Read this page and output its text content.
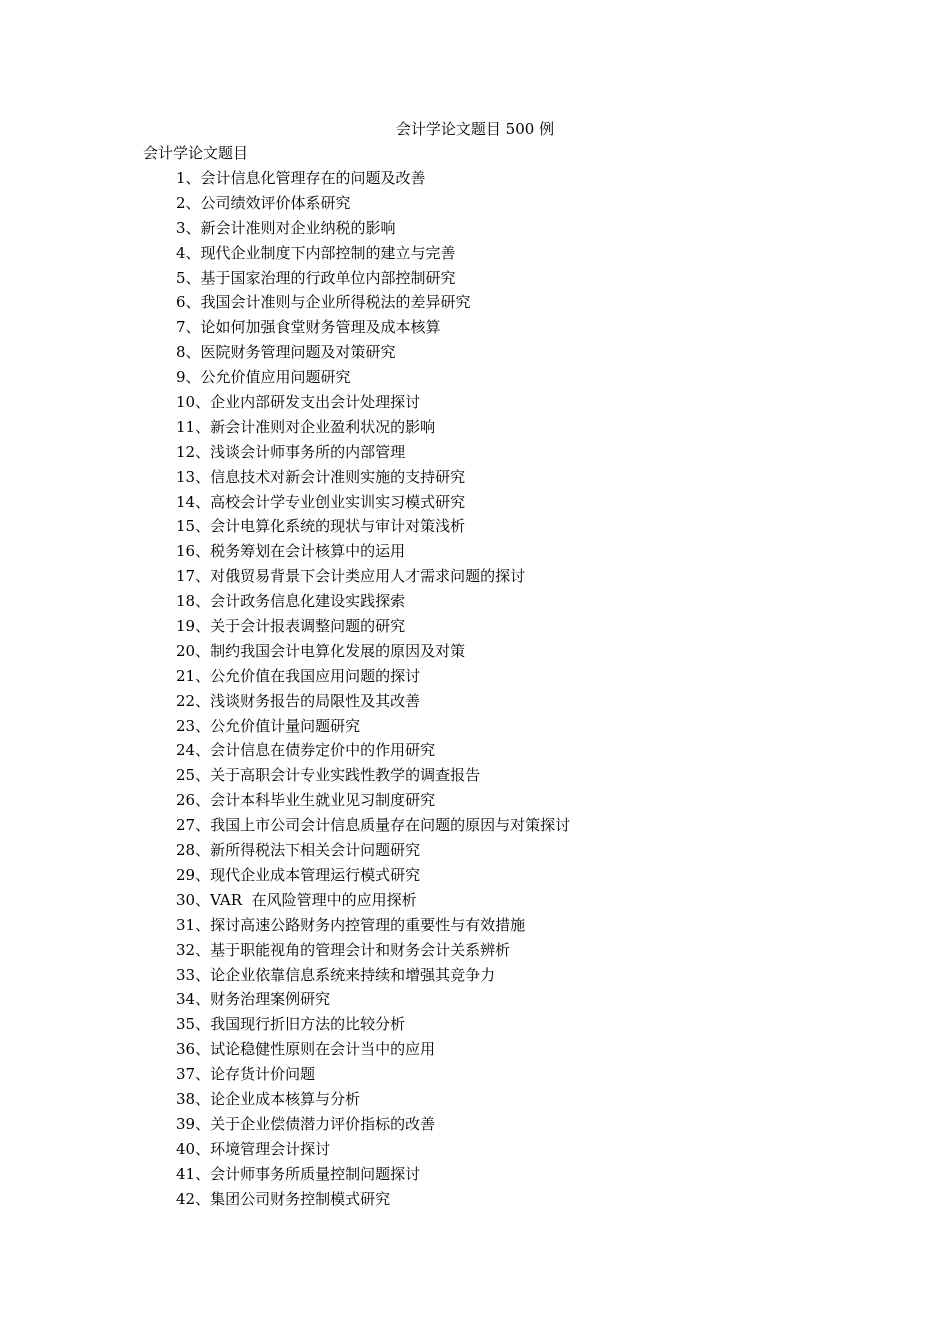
会计学论文题目 500 例
会计学论文题目
1、会计信息化管理存在的问题及改善
2、公司绩效评价体系研究
3、新会计准则对企业纳税的影响
4、现代企业制度下内部控制的建立与完善
5、基于国家治理的行政单位内部控制研究
6、我国会计准则与企业所得税法的差异研究
7、论如何加强食堂财务管理及成本核算
8、医院财务管理问题及对策研究
9、公允价值应用问题研究
10、企业内部研发支出会计处理探讨
11、新会计准则对企业盈利状况的影响
12、浅谈会计师事务所的内部管理
13、信息技术对新会计准则实施的支持研究
14、高校会计学专业创业实训实习模式研究
15、会计电算化系统的现状与审计对策浅析
16、税务筹划在会计核算中的运用
17、对俄贸易背景下会计类应用人才需求问题的探讨
18、会计政务信息化建设实践探索
19、关于会计报表调整问题的研究
20、制约我国会计电算化发展的原因及对策
21、公允价值在我国应用问题的探讨
22、浅谈财务报告的局限性及其改善
23、公允价值计量问题研究
24、会计信息在债券定价中的作用研究
25、关于高职会计专业实践性教学的调查报告
26、会计本科毕业生就业见习制度研究
27、我国上市公司会计信息质量存在问题的原因与对策探讨
28、新所得税法下相关会计问题研究
29、现代企业成本管理运行模式研究
30、VAR  在风险管理中的应用探析
31、探讨高速公路财务内控管理的重要性与有效措施
32、基于职能视角的管理会计和财务会计关系辨析
33、论企业依靠信息系统来持续和增强其竞争力
34、财务治理案例研究
35、我国现行折旧方法的比较分析
36、试论稳健性原则在会计当中的应用
37、论存货计价问题
38、论企业成本核算与分析
39、关于企业偿债潜力评价指标的改善
40、环境管理会计探讨
41、会计师事务所质量控制问题探讨
42、集团公司财务控制模式研究
